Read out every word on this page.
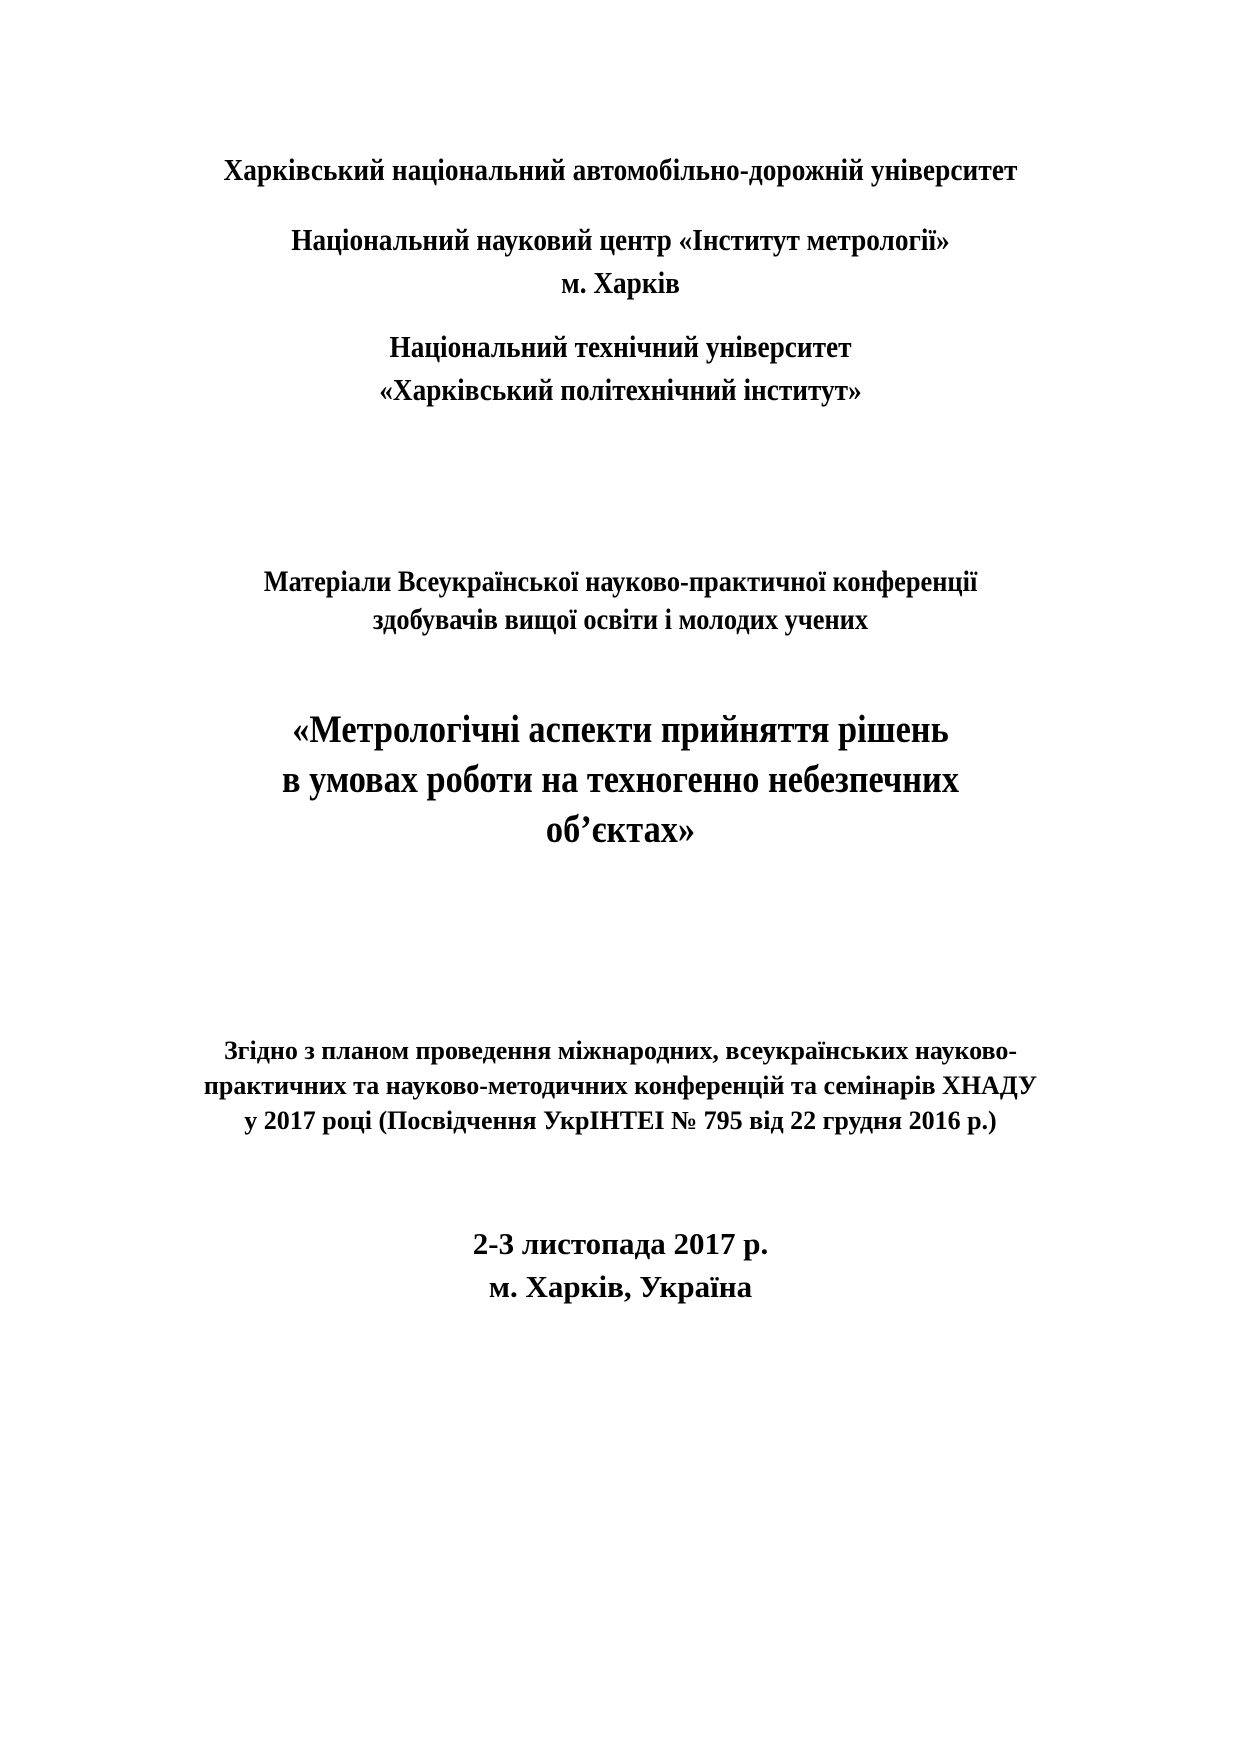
Харківський національний автомобільно-дорожній університет
Національний науковий центр «Інститут метрології»
м. Харків
Національний технічний університет
«Харківський політехнічний інститут»
Матеріали Всеукраїнської науково-практичної конференції
здобувачів вищої освіти і молодих учених
«Метрологічні аспекти прийняття рішень
в умовах роботи на техногенно небезпечних
об’єктах»
Згідно з планом проведення міжнародних, всеукраїнських науково-
практичних та науково-методичних конференцій та семінарів ХНАДУ
у 2017 році (Посвідчення УкрІНТЕІ № 795 від 22 грудня 2016 р.)
2-3 листопада 2017 р.
м. Харків, Україна
